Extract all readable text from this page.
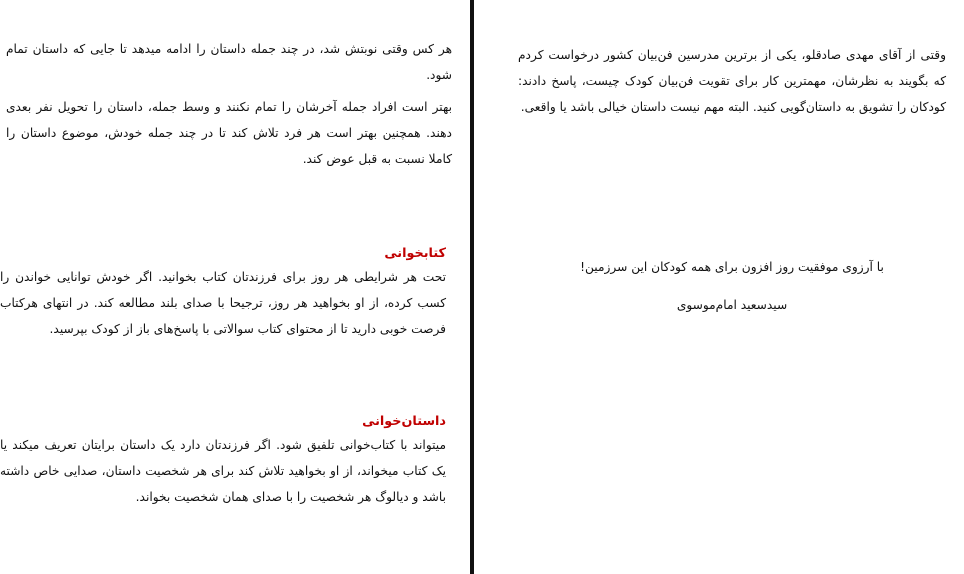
هر کس وقتی نوبتش شد، در چند جمله داستان را ادامه میدهد تا جایی که داستان تمام شود.

بهتر است افراد جمله آخرشان را تمام نکنند و وسط جمله، داستان را تحویل نفر بعدی دهند. همچنین بهتر است هر فرد تلاش کند تا در چند جمله خودش، موضوع داستان را کاملا نسبت به قبل عوض کند.

کتابخوانی

تحت هر شرایطی هر روز برای فرزندتان کتاب بخوانید. اگر خودش توانایی خواندن را کسب کرده، از او بخواهید هر روز، ترجیحا با صدای بلند مطالعه کند. در انتهای هرکتاب فرصت خوبی دارید تا از محتوای کتاب سوالاتی با پاسخ‌های باز از کودک بپرسید.

داستان‌خوانی

میتواند با کتاب‌خوانی تلفیق شود. اگر فرزندتان دارد یک داستان برایتان تعریف میکند یا یک کتاب میخواند، از او بخواهید تلاش کند برای هر شخصیت داستان، صدایی خاص داشته باشد و دیالوگ هر شخصیت را با صدای همان شخصیت بخواند.

وقتی از آقای مهدی صادقلو، یکی از برترین مدرسین فن‌بیان کشور درخواست کردم که بگویند به نظرشان، مهمترین کار برای تقویت فن‌بیان کودک چیست، پاسخ دادند: کودکان را تشویق به داستان‌گویی کنید. البته مهم نیست داستان خیالی باشد یا واقعی.

با آرزوی موفقیت روز افزون برای همه کودکان این سرزمین!
سیدسعید امام‌موسوی
